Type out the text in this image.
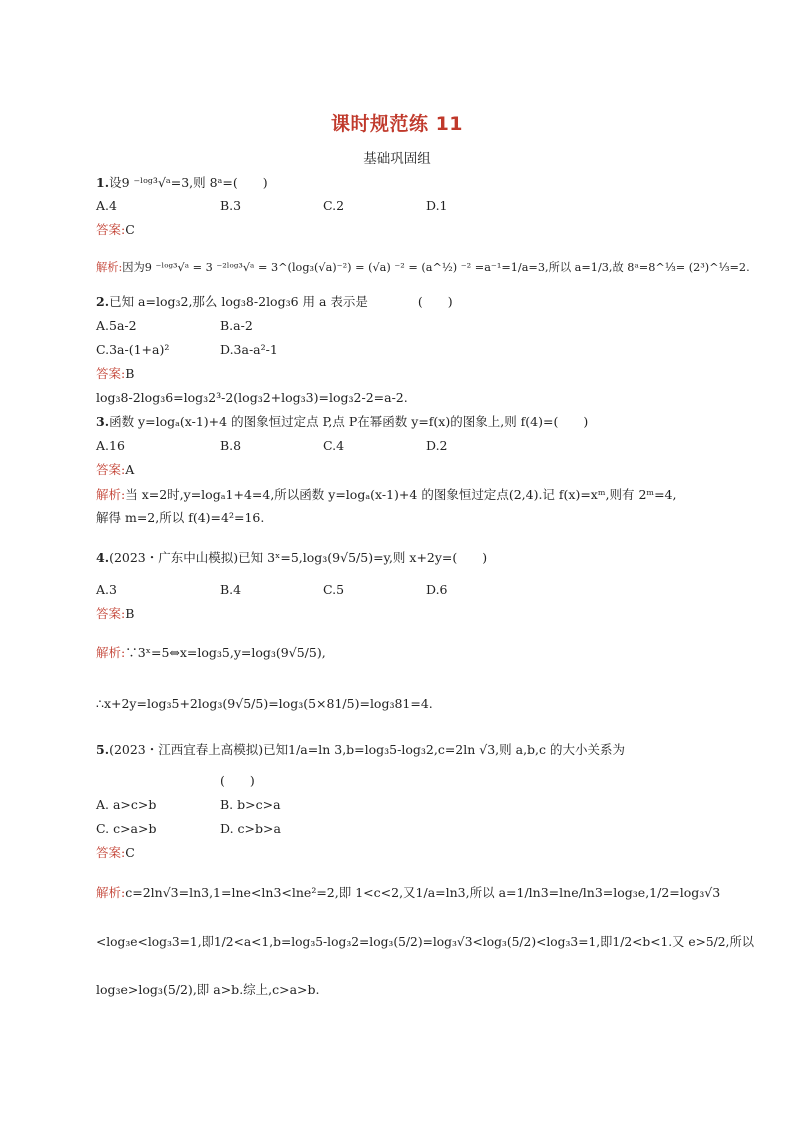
课时规范练 11
基础巩固组
1.设9 ⁻ˡᵒᵍ³√ᵃ=3,则 8ᵃ=(　　)
A.4	B.3	C.2	D.1
答案:C
解析:因为9 ⁻ˡᵒᵍ³√ᵃ = 3 ⁻²ˡᵒᵍ³√ᵃ = 3^(log₃(√a)⁻²) = (√a) ⁻² = (a^½) ⁻² =a⁻¹=1/a=3,所以 a=1/3,故 8ᵃ=8^⅓= (2³)^⅓=2.
2.已知 a=log₃2,那么 log₃8-2log₃6 用 a 表示是　　　　(　　)
A.5a-2	B.a-2
C.3a-(1+a)²	D.3a-a²-1
答案:B
log₃8-2log₃6=log₃2³-2(log₃2+log₃3)=log₃2-2=a-2.
3.函数 y=logₐ(x-1)+4 的图象恒过定点 P,点 P在幂函数 y=f(x)的图象上,则 f(4)=(　　)
A.16	B.8	C.4	D.2
答案:A
解析:当 x=2时,y=logₐ1+4=4,所以函数 y=logₐ(x-1)+4 的图象恒过定点(2,4).记 f(x)=xᵐ,则有 2ᵐ=4,
解得 m=2,所以 f(4)=4²=16.
4.(2023・广东中山模拟)已知 3ˣ=5,log₃(9√5/5)=y,则 x+2y=(　　)
A.3	B.4	C.5	D.6
答案:B
解析:∵3ˣ=5⇔x=log₃5,y=log₃(9√5/5),
∴x+2y=log₃5+2log₃(9√5/5)=log₃(5×81/5)=log₃81=4.
5.(2023・江西宜春上高模拟)已知1/a=ln 3,b=log₃5-log₃2,c=2ln √3,则 a,b,c 的大小关系为
(　　)
A. a>c>b	B. b>c>a
C. c>a>b	D. c>b>a
答案:C
解析:c=2ln√3=ln3,1=lne<ln3<lne²=2,即 1<c<2,又1/a=ln3,所以 a=1/ln3=lne/ln3=log₃e,1/2=log₃√3
<log₃e<log₃3=1,即1/2<a<1,b=log₃5-log₃2=log₃(5/2)=log₃√3<log₃(5/2)<log₃3=1,即1/2<b<1.又 e>5/2,所以
log₃e>log₃(5/2),即 a>b.综上,c>a>b.
